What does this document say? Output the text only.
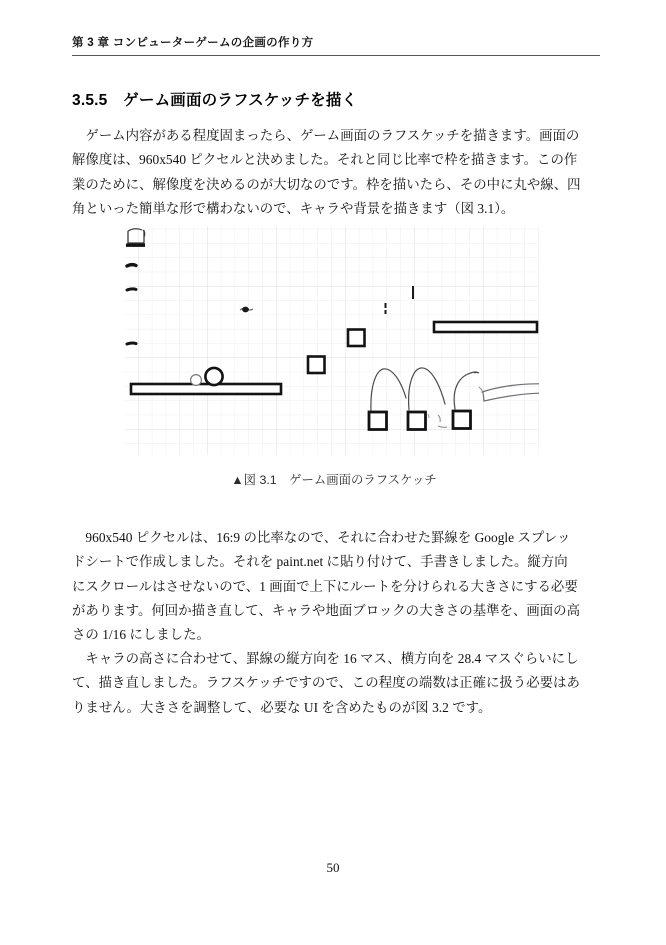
第 3 章 コンピューターゲームの企画の作り方
3.5.5　ゲーム画面のラフスケッチを描く
　ゲーム内容がある程度固まったら、ゲーム画面のラフスケッチを描きます。画面の
解像度は、960x540 ピクセルと決めました。それと同じ比率で枠を描きます。この作
業のために、解像度を決めるのが大切なのです。枠を描いたら、その中に丸や線、四
角といった簡単な形で構わないので、キャラや背景を描きます（図 3.1）。
▲図 3.1　ゲーム画面のラフスケッチ
　960x540 ピクセルは、16:9 の比率なので、それに合わせた罫線を Google スプレッ
ドシートで作成しました。それを paint.net に貼り付けて、手書きしました。縦方向
にスクロールはさせないので、1 画面で上下にルートを分けられる大きさにする必要
があります。何回か描き直して、キャラや地面ブロックの大きさの基準を、画面の高
さの 1/16 にしました。
　キャラの高さに合わせて、罫線の縦方向を 16 マス、横方向を 28.4 マスぐらいにし
て、描き直しました。ラフスケッチですので、この程度の端数は正確に扱う必要はあ
りません。大きさを調整して、必要な UI を含めたものが図 3.2 です。
50
